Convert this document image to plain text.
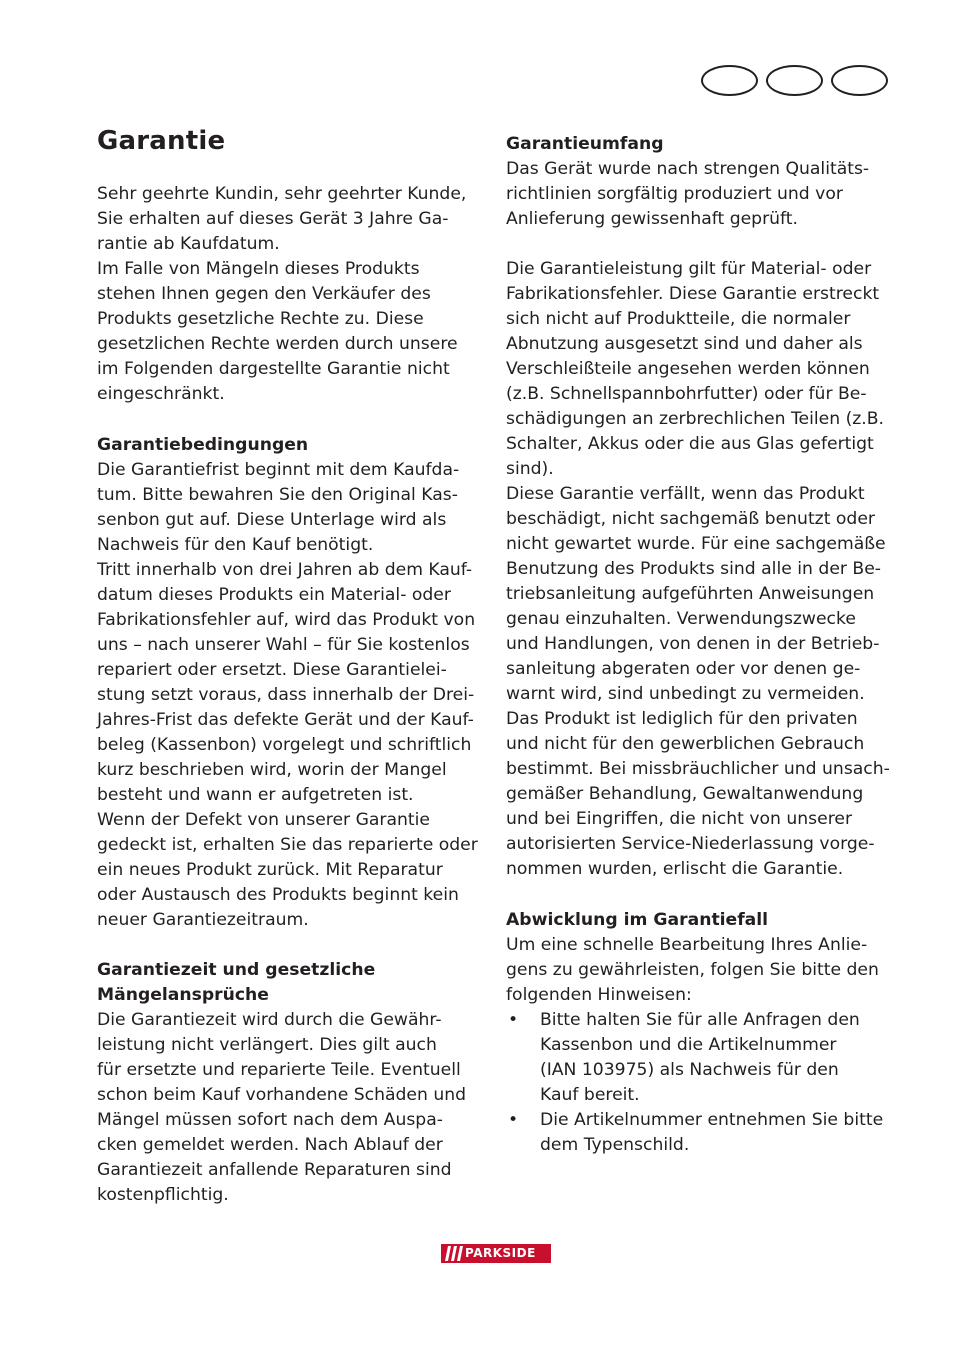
Garantie

Sehr geehrte Kundin, sehr geehrter Kunde,
Sie erhalten auf dieses Gerät 3 Jahre Ga-
rantie ab Kaufdatum.
Im Falle von Mängeln dieses Produkts
stehen Ihnen gegen den Verkäufer des
Produkts gesetzliche Rechte zu. Diese
gesetzlichen Rechte werden durch unsere
im Folgenden dargestellte Garantie nicht
eingeschränkt.

Garantiebedingungen

Die Garantiefrist beginnt mit dem Kaufda-
tum. Bitte bewahren Sie den Original Kas-
senbon gut auf. Diese Unterlage wird als
Nachweis für den Kauf benötigt.
Tritt innerhalb von drei Jahren ab dem Kauf-
datum dieses Produkts ein Material- oder
Fabrikationsfehler auf, wird das Produkt von
uns – nach unserer Wahl – für Sie kostenlos
repariert oder ersetzt. Diese Garantielei-
stung setzt voraus, dass innerhalb der Drei-
Jahres-Frist das defekte Gerät und der Kauf-
beleg (Kassenbon) vorgelegt und schriftlich
kurz beschrieben wird, worin der Mangel
besteht und wann er aufgetreten ist.
Wenn der Defekt von unserer Garantie
gedeckt ist, erhalten Sie das reparierte oder
ein neues Produkt zurück. Mit Reparatur
oder Austausch des Produkts beginnt kein
neuer Garantiezeitraum.

Garantiezeit und gesetzliche
Mängelansprüche

Die Garantiezeit wird durch die Gewähr-
leistung nicht verlängert. Dies gilt auch
für ersetzte und reparierte Teile. Eventuell
schon beim Kauf vorhandene Schäden und
Mängel müssen sofort nach dem Auspa-
cken gemeldet werden. Nach Ablauf der
Garantiezeit anfallende Reparaturen sind
kostenpflichtig.

Garantieumfang

Das Gerät wurde nach strengen Qualitäts-
richtlinien sorgfältig produziert und vor
Anlieferung gewissenhaft geprüft.

Die Garantieleistung gilt für Material- oder
Fabrikationsfehler. Diese Garantie erstreckt
sich nicht auf Produktteile, die normaler
Abnutzung ausgesetzt sind und daher als
Verschleißteile angesehen werden können
(z.B. Schnellspannbohrfutter) oder für Be-
schädigungen an zerbrechlichen Teilen (z.B.
Schalter, Akkus oder die aus Glas gefertigt
sind).
Diese Garantie verfällt, wenn das Produkt
beschädigt, nicht sachgemäß benutzt oder
nicht gewartet wurde. Für eine sachgemäße
Benutzung des Produkts sind alle in der Be-
triebsanleitung aufgeführten Anweisungen
genau einzuhalten. Verwendungszwecke
und Handlungen, von denen in der Betrieb-
sanleitung abgeraten oder vor denen ge-
warnt wird, sind unbedingt zu vermeiden.
Das Produkt ist lediglich für den privaten
und nicht für den gewerblichen Gebrauch
bestimmt. Bei missbräuchlicher und unsach-
gemäßer Behandlung, Gewaltanwendung
und bei Eingriffen, die nicht von unserer
autorisierten Service-Niederlassung vorge-
nommen wurden, erlischt die Garantie.

Abwicklung im Garantiefall

Um eine schnelle Bearbeitung Ihres Anlie-
gens zu gewährleisten, folgen Sie bitte den
folgenden Hinweisen:

• Bitte halten Sie für alle Anfragen den
Kassenbon und die Artikelnummer
(IAN 103975) als Nachweis für den
Kauf bereit.
• Die Artikelnummer entnehmen Sie bitte
dem Typenschild.
PARKSIDE
